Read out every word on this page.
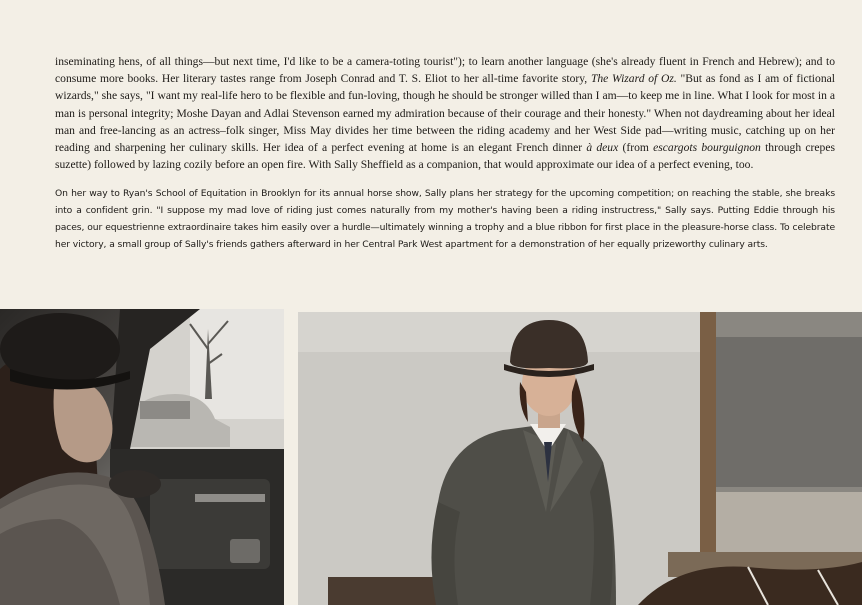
inseminating hens, of all things—but next time, I'd like to be a camera-toting tourist"); to learn another language (she's already fluent in French and Hebrew); and to consume more books. Her literary tastes range from Joseph Conrad and T. S. Eliot to her all-time favorite story, The Wizard of Oz. "But as fond as I am of fictional wizards," she says, "I want my real-life hero to be flexible and fun-loving, though he should be stronger willed than I am—to keep me in line. What I look for most in a man is personal integrity; Moshe Dayan and Adlai Stevenson earned my admiration because of their courage and their honesty." When not daydreaming about her ideal man and free-lancing as an actress–folk singer, Miss May divides her time between the riding academy and her West Side pad—writing music, catching up on her reading and sharpening her culinary skills. Her idea of a perfect evening at home is an elegant French dinner à deux (from escargots bourguignon through crepes suzette) followed by lazing cozily before an open fire. With Sally Sheffield as a companion, that would approximate our idea of a perfect evening, too.

On her way to Ryan's School of Equitation in Brooklyn for its annual horse show, Sally plans her strategy for the upcoming competition; on reaching the stable, she breaks into a confident grin. "I suppose my mad love of riding just comes naturally from my mother's having been a riding instructress," Sally says. Putting Eddie through his paces, our equestrienne extraordinaire takes him easily over a hurdle—ultimately winning a trophy and a blue ribbon for first place in the pleasure-horse class. To celebrate her victory, a small group of Sally's friends gathers afterward in her Central Park West apartment for a demonstration of her equally prizeworthy culinary arts.
